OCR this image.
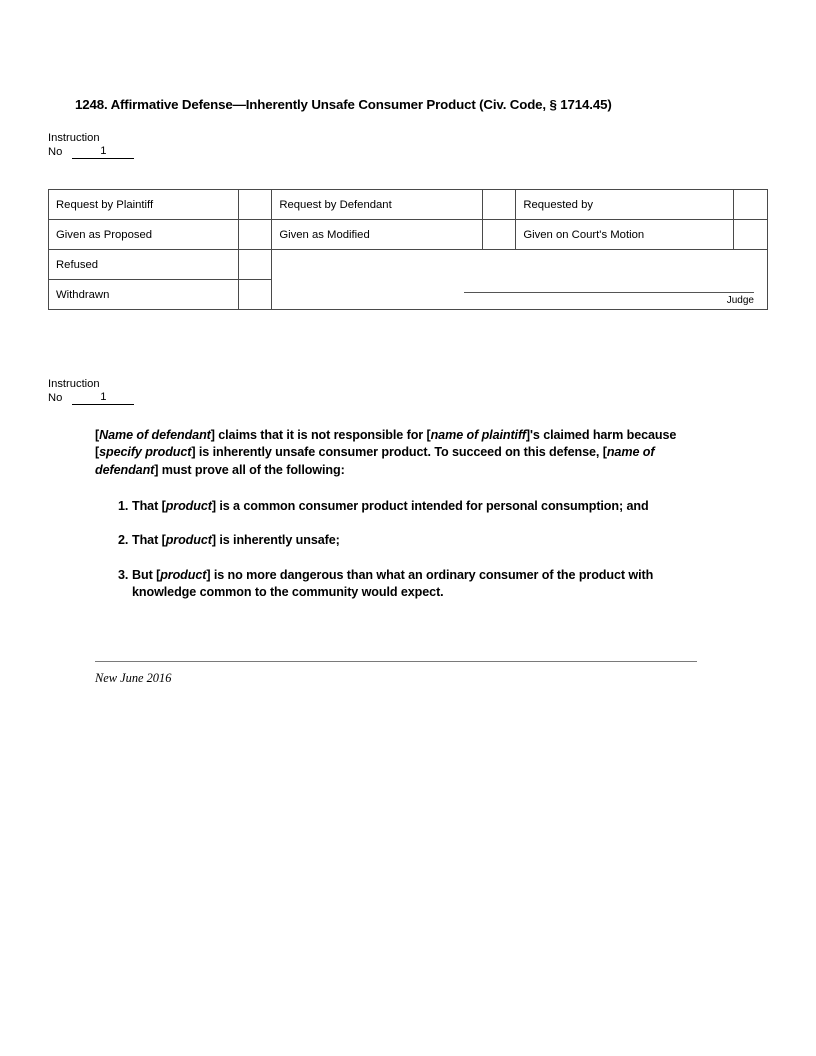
1248. Affirmative Defense—Inherently Unsafe Consumer Product (Civ. Code, § 1714.45)
Instruction
No	1
Request by Plaintiff		Request by Defendant		Requested by	
Given as Proposed		Given as Modified		Given on Court's Motion	
Refused		Judge			

Withdrawn					
Instruction
No	1
[Name of defendant] claims that it is not responsible for [name of plaintiff]'s claimed harm because [specify product] is inherently unsafe consumer product. To succeed on this defense, [name of defendant] must prove all of the following:
1. That [product] is a common consumer product intended for personal consumption; and
2. That [product] is inherently unsafe;
3. But [product] is no more dangerous than what an ordinary consumer of the product with knowledge common to the community would expect.
New June 2016
